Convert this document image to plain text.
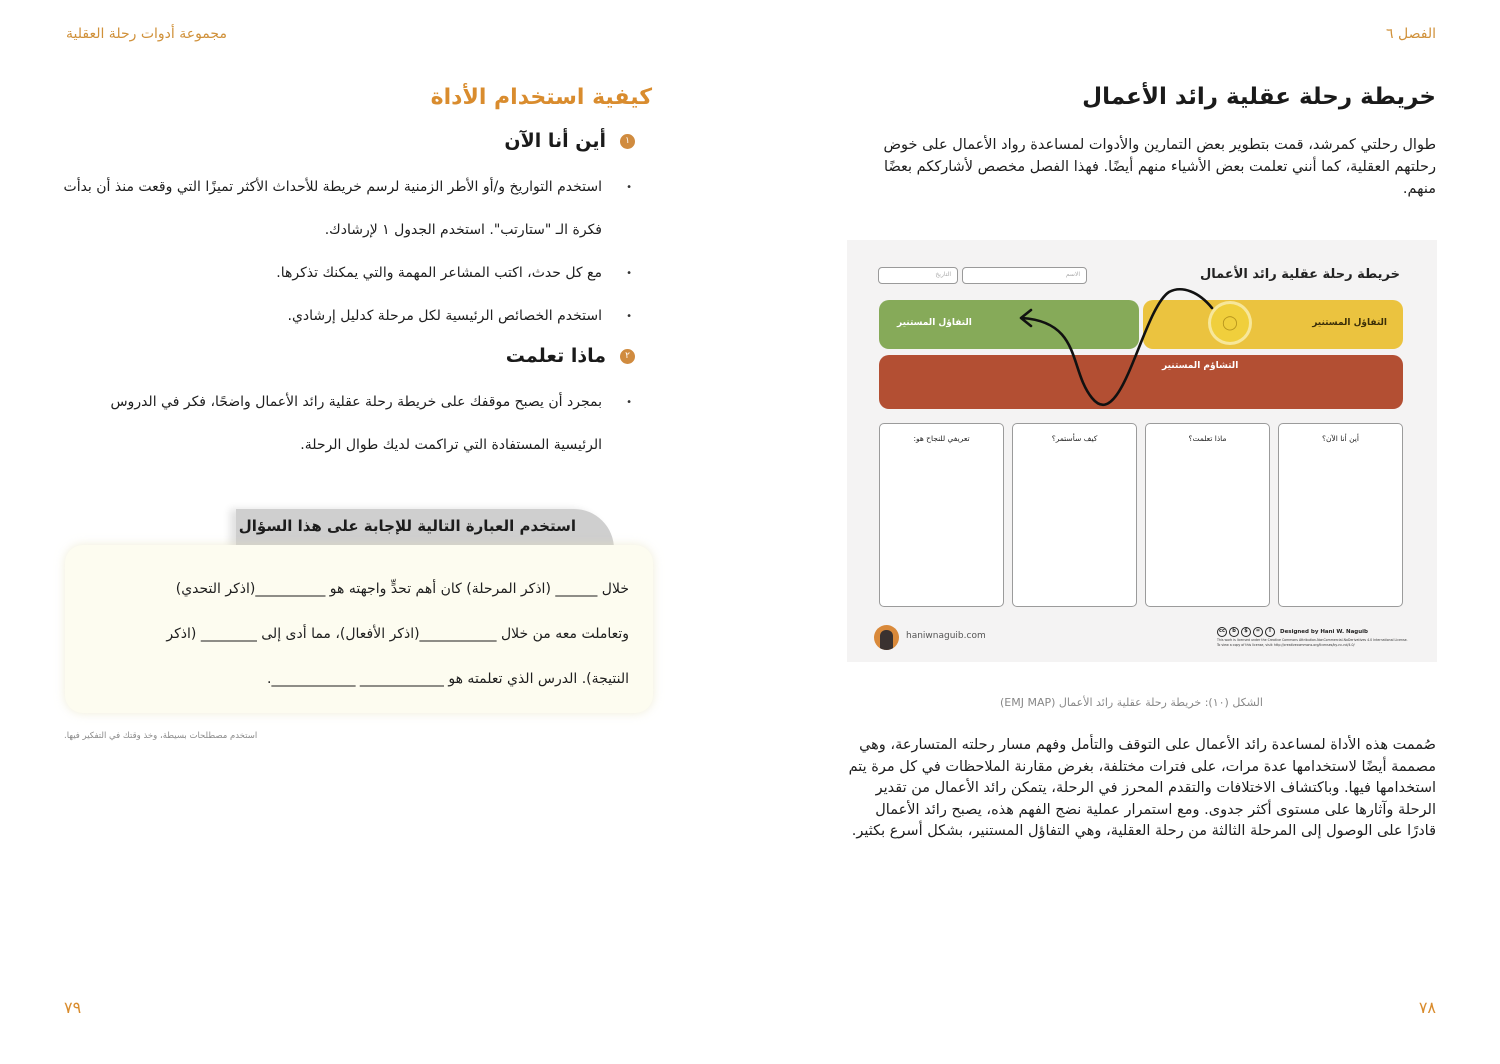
مجموعة أدوات رحلة العقلية
كيفية استخدام الأداة
١
أين أنا الآن
• استخدم التواريخ و/أو الأطر الزمنية لرسم خريطة للأحداث الأكثر تميزًا التي وقعت منذ أن بدأت فكرة الـ "ستارتب". استخدم الجدول ١ لإرشادك.
• مع كل حدث، اكتب المشاعر المهمة والتي يمكنك تذكرها.
• استخدم الخصائص الرئيسية لكل مرحلة كدليل إرشادي.
٢
ماذا تعلمت
• بمجرد أن يصبح موقفك على خريطة رحلة عقلية رائد الأعمال واضحًا، فكر في الدروس الرئيسية المستفادة التي تراكمت لديك طوال الرحلة.
استخدم العبارة التالية للإجابة على هذا السؤال
خلال ______ (اذكر المرحلة) كان أهم تحدٍّ واجهته هو __________(اذكر التحدي)
وتعاملت معه من خلال ___________(اذكر الأفعال)، مما أدى إلى ________ (اذكر
النتيجة). الدرس الذي تعلمته هو ____________ ____________.
استخدم مصطلحات بسيطة، وخذ وقتك في التفكير فيها.
٧٩
الفصل ٦
خريطة رحلة عقلية رائد الأعمال

طوال رحلتي كمرشد، قمت بتطوير بعض التمارين والأدوات لمساعدة رواد الأعمال على خوض رحلتهم العقلية، كما أنني تعلمت بعض الأشياء منهم أيضًا. فهذا الفصل مخصص لأشارككم بعضًا منهم.

خريطة رحلة عقلية رائد الأعمال
الاسم
التاريخ
التفاؤل المستنير	التفاؤل المستنير
التشاؤم المستنير
◯
أين أنا الآن؟
ماذا تعلمت؟
كيف سأستمر؟
تعريفي للنجاح هو:
haniwnaguib.com	cc	b	$	=	i	Designed by Hani W. Naguib
This work is licensed under the Creative Commons Attribution-NonCommercial-NoDerivatives 4.0 International License.
To view a copy of this license, visit: http://creativecommons.org/licenses/by-nc-nd/4.0/
الشكل (١٠): خريطة رحلة عقلية رائد الأعمال (EMJ MAP)

صُممت هذه الأداة لمساعدة رائد الأعمال على التوقف والتأمل وفهم مسار رحلته المتسارعة، وهي مصممة أيضًا لاستخدامها عدة مرات، على فترات مختلفة، بغرض مقارنة الملاحظات في كل مرة يتم استخدامها فيها. وباكتشاف الاختلافات والتقدم المحرز في الرحلة، يتمكن رائد الأعمال من تقدير الرحلة وآثارها على مستوى أكثر جدوى. ومع استمرار عملية نضج الفهم هذه، يصبح رائد الأعمال قادرًا على الوصول إلى المرحلة الثالثة من رحلة العقلية، وهي التفاؤل المستنير، بشكل أسرع بكثير.

٧٨
